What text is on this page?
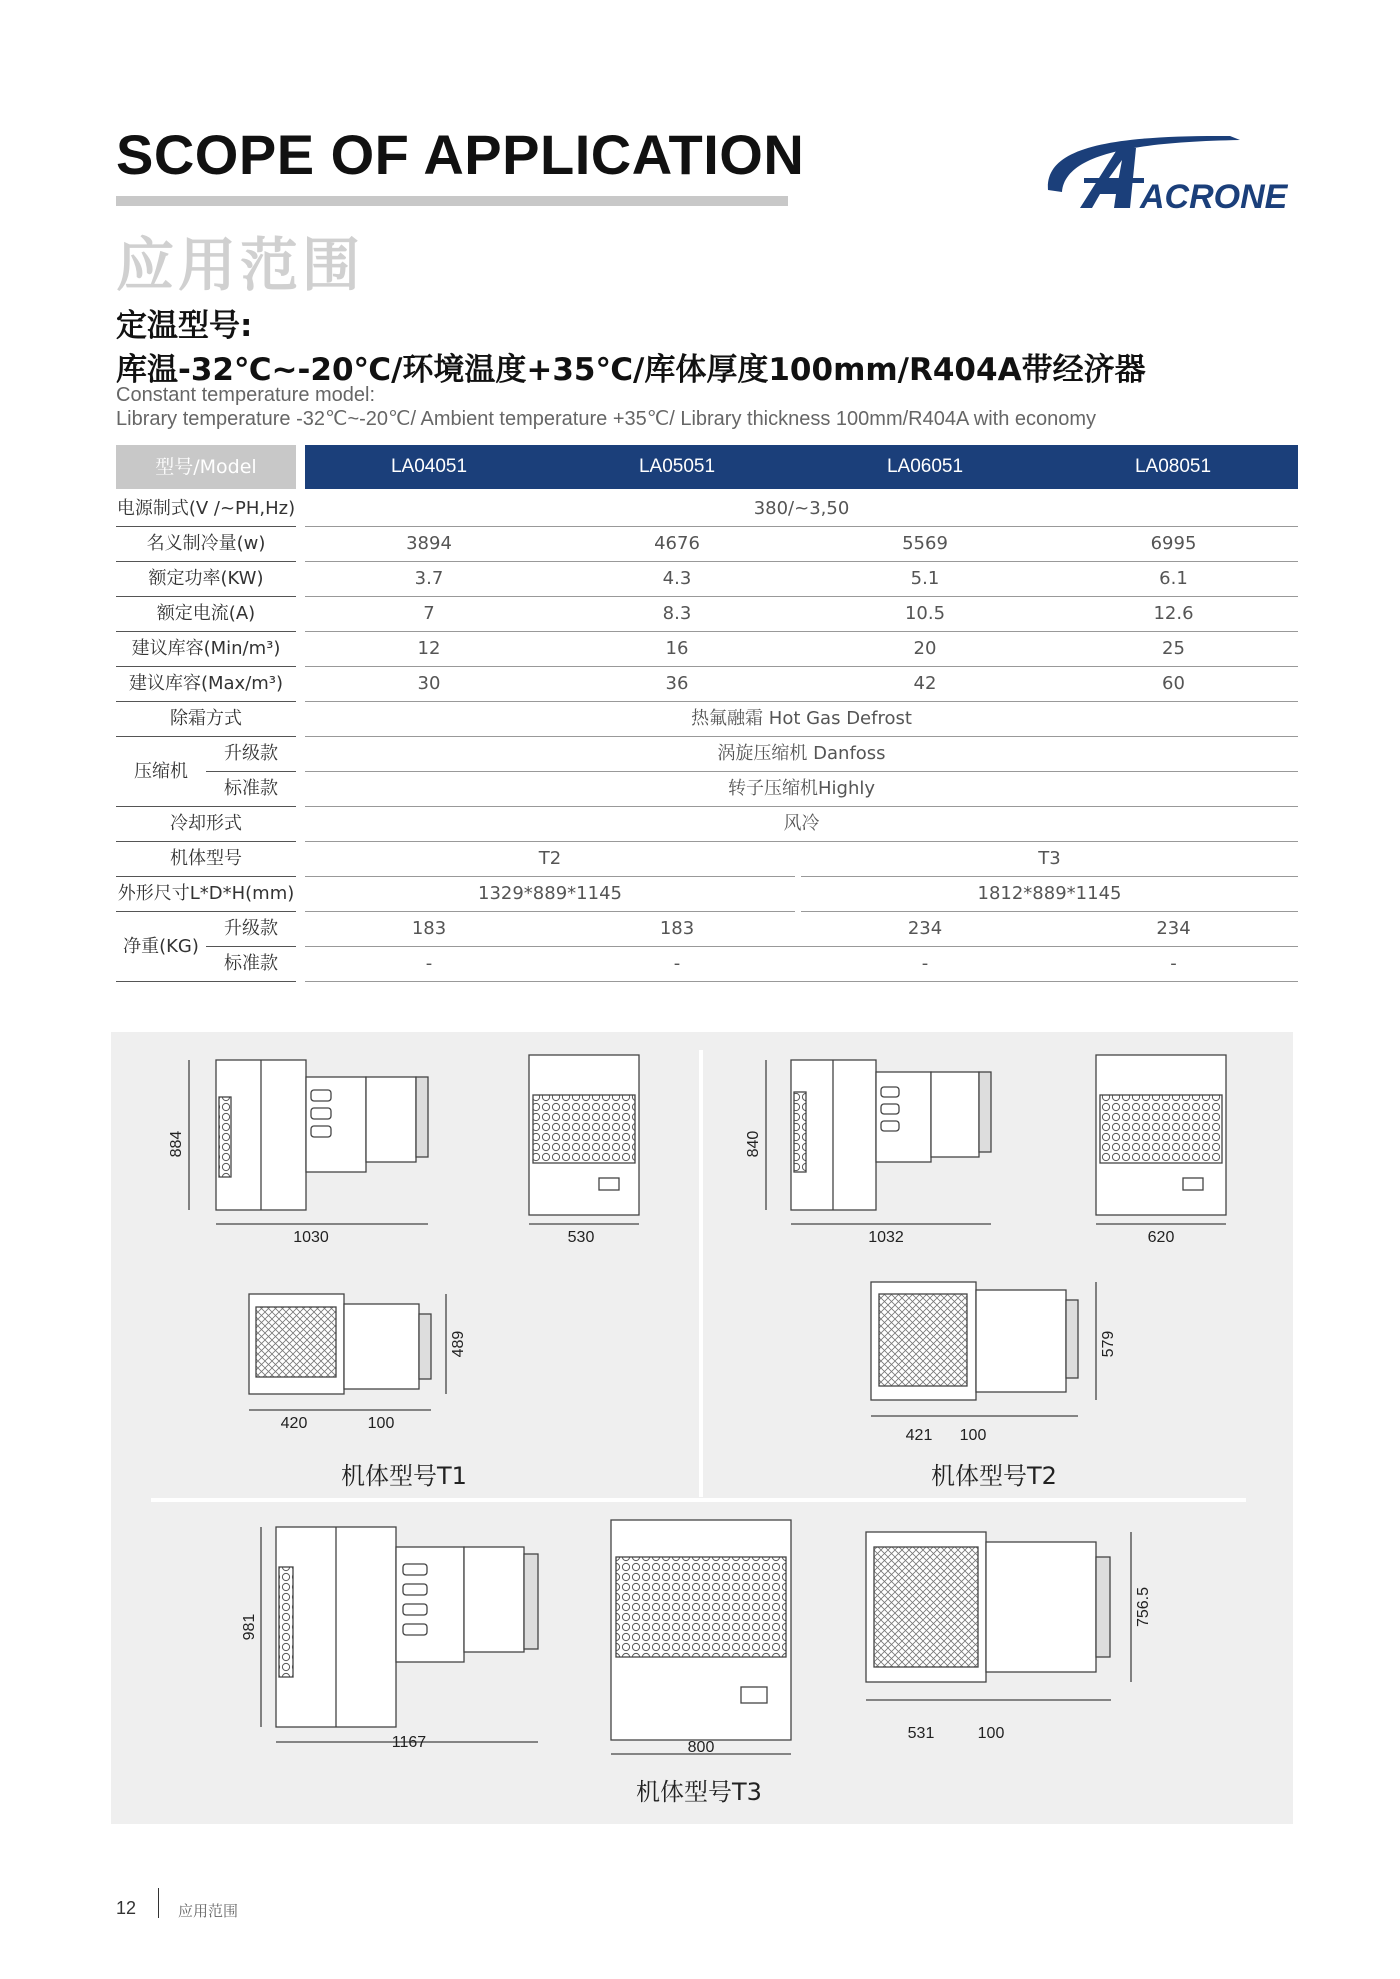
SCOPE OF APPLICATION
应用范围
ACRONE
定温型号:
库温-32℃~-20℃/环境温度+35℃/库体厚度100mm/R404A带经济器
Constant temperature model:
Library temperature -32℃~-20℃/ Ambient temperature +35℃/ Library thickness 100mm/R404A with economy
型号/Model	LA04051	LA05051	LA06051	LA08051
电源制式(V /~PH,Hz)	380/~3,50
名义制冷量(w)	3894	4676	5569	6995
额定功率(KW)	3.7	4.3	5.1	6.1
额定电流(A)	7	8.3	10.5	12.6
建议库容(Min/m³)	12	16	20	25
建议库容(Max/m³)	30	36	42	60
除霜方式	热氟融霜 Hot Gas Defrost
压缩机
升级款	涡旋压缩机 Danfoss
标准款	转子压缩机Highly
冷却形式	风冷
机体型号	T2	T3
外形尺寸L*D*H(mm)	1329*889*1145	1812*889*1145
净重(KG)
升级款	183	183	234	234
标准款	-	-	-	-
884
1030	530
489
420	100
840
1032	620
579
421 100
981
1167	800
756.5
531	100
机体型号T1	机体型号T2
机体型号T3
12	应用范围
